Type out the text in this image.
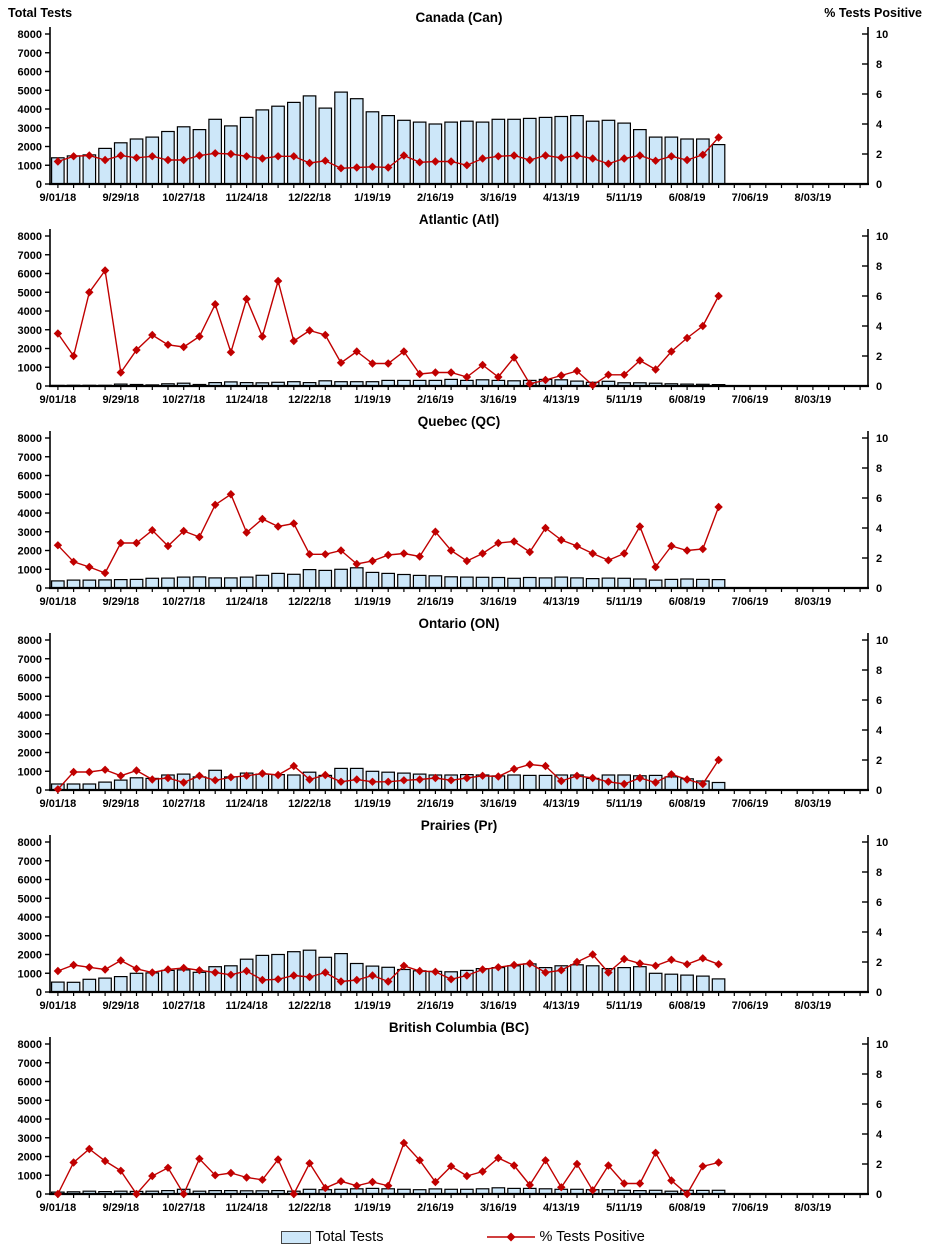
Total Tests	% Tests Positive
0
1000
2000
3000
4000
5000
6000
7000
8000
0
2
4
6
8
10
9/01/18 9/29/18 10/27/18 11/24/18 12/22/18 1/19/19 2/16/19 3/16/19 4/13/19 5/11/19 6/08/19 7/06/19 8/03/19
Canada (Can)
0
1000
2000
3000
4000
5000
6000
7000
8000
0
2
4
6
8
10
9/01/18 9/29/18 10/27/18 11/24/18 12/22/18 1/19/19 2/16/19 3/16/19 4/13/19 5/11/19 6/08/19 7/06/19 8/03/19
Atlantic (Atl)
0
1000
2000
3000
4000
5000
6000
7000
8000
0
2
4
6
8
10
9/01/18 9/29/18 10/27/18 11/24/18 12/22/18 1/19/19 2/16/19 3/16/19 4/13/19 5/11/19 6/08/19 7/06/19 8/03/19
Quebec (QC)
0
1000
2000
3000
4000
5000
6000
7000
8000
0
2
4
6
8
10
9/01/18 9/29/18 10/27/18 11/24/18 12/22/18 1/19/19 2/16/19 3/16/19 4/13/19 5/11/19 6/08/19 7/06/19 8/03/19
Ontario (ON)
0
1000
2000
3000
4000
5000
6000
7000
8000
0
2
4
6
8
10
9/01/18 9/29/18 10/27/18 11/24/18 12/22/18 1/19/19 2/16/19 3/16/19 4/13/19 5/11/19 6/08/19 7/06/19 8/03/19
Prairies (Pr)
0
1000
2000
3000
4000
5000
6000
7000
8000
0
2
4
6
8
10
9/01/18 9/29/18 10/27/18 11/24/18 12/22/18 1/19/19 2/16/19 3/16/19 4/13/19 5/11/19 6/08/19 7/06/19 8/03/19
British Columbia (BC)
Total Tests	% Tests Positive
